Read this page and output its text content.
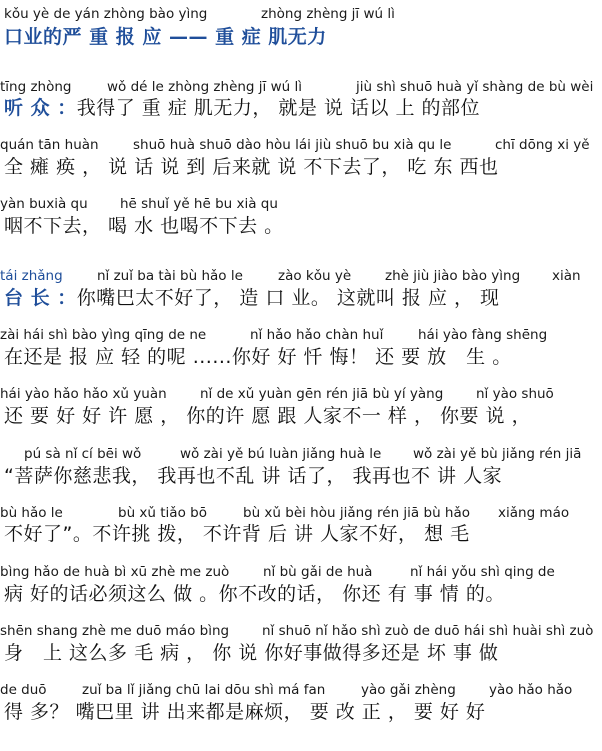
kǒu yè de yán zhòng bào yìng	zhòng zhèng jī wú lì
口业的严 重 报 应 —— 重 症 肌无力
tīng zhòng	wǒ dé le zhòng zhèng jī wú lì	jiù shì shuō huà yǐ shàng de bù wèi
听 众 ：我得了 重 症 肌无力， 就是 说 话以 上 的部位
quán tān huàn	shuō huà shuō dào hòu lái jiù shuō bu xià qu le	chī dōng xi yě
全 瘫 痪 ， 说 话 说 到 后来就 说 不下去了， 吃 东 西也
yàn buxià qu hē shuǐ yě hē bu xià qu
咽不下去， 喝 水 也喝不下去 。
tái zhǎng	nǐ zuǐ ba tài bù hǎo le	zào kǒu yè	zhè jiù jiào bào yìng xiàn
台 长 ：你嘴巴太不好了， 造 口 业。 这就叫 报 应 ， 现
zài hái shì bào yìng qīng de ne	nǐ hǎo hǎo chàn huǐ	hái yào fàng shēng
在还是 报 应 轻 的呢 ......你好 好 忏 悔！ 还 要 放　生 。
hái yào hǎo hǎo xǔ yuàn nǐ de xǔ yuàn gēn rén jiā bù yí yàng nǐ yào shuō
还 要 好 好 许 愿 ， 你的许 愿 跟 人家不一 样 ， 你要 说 ，
pú sà nǐ cí bēi wǒ	wǒ zài yě bú luàn jiǎng huà le wǒ zài yě bù jiǎng rén jiā
“菩萨你慈悲我， 我再也不乱 讲 话了， 我再也不 讲 人家
bù hǎo le	bù xǔ tiǎo bō	bù xǔ bèi hòu jiǎng rén jiā bù hǎo xiǎng máo
不好了”。不许挑 拨， 不许背 后 讲 人家不好， 想 毛
bìng hǎo de huà bì xū zhè me zuò nǐ bù gǎi de huà	nǐ hái yǒu shì qing de
病 好的话必须这么 做 。你不改的话， 你还 有 事 情 的。
shēn shang zhè me duō máo bìng nǐ shuō nǐ hǎo shì zuò de duō hái shì huài shì zuò
身　上 这么多 毛 病 ， 你 说 你好事做得多还是 坏 事 做
de duō	zuǐ ba lǐ jiǎng chū lai dōu shì má fan	yào gǎi zhèng yào hǎo hǎo
得 多？ 嘴巴里 讲 出来都是麻烦， 要 改 正 ， 要 好 好
